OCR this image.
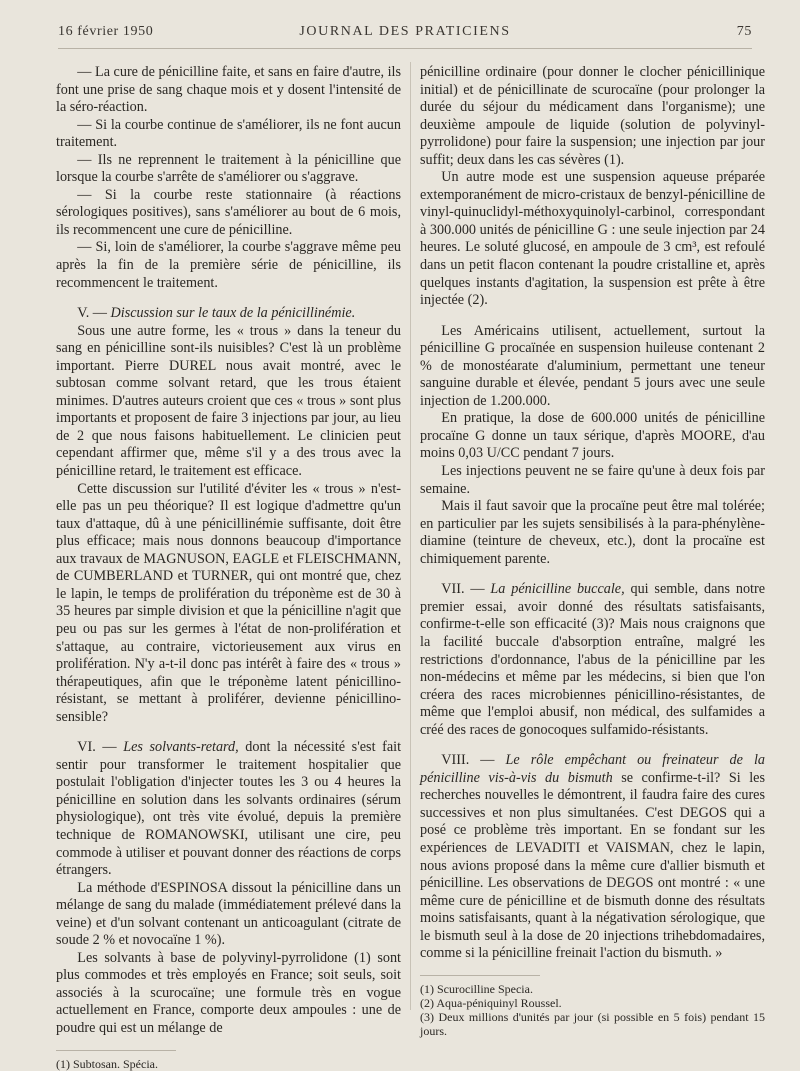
16 février 1950	JOURNAL DES PRATICIENS	75

— La cure de pénicilline faite, et sans en faire d'autre, ils font une prise de sang chaque mois et y dosent l'intensité de la séro-réaction.

— Si la courbe continue de s'améliorer, ils ne font aucun traitement.

— Ils ne reprennent le traitement à la pénicilline que lorsque la courbe s'arrête de s'améliorer ou s'aggrave.

— Si la courbe reste stationnaire (à réactions sérologiques positives), sans s'améliorer au bout de 6 mois, ils recommencent une cure de pénicilline.

— Si, loin de s'améliorer, la courbe s'aggrave même peu après la fin de la première série de pénicilline, ils recommencent le traitement.

V. — Discussion sur le taux de la pénicillinémie.

Sous une autre forme, les « trous » dans la teneur du sang en pénicilline sont-ils nuisibles? C'est là un problème important. Pierre DUREL nous avait montré, avec le subtosan comme solvant retard, que les trous étaient minimes. D'autres auteurs croient que ces « trous » sont plus importants et proposent de faire 3 injections par jour, au lieu de 2 que nous faisons habituellement. Le clinicien peut cependant affirmer que, même s'il y a des trous avec la pénicilline retard, le traitement est efficace.

Cette discussion sur l'utilité d'éviter les « trous » n'est-elle pas un peu théorique? Il est logique d'admettre qu'un taux d'attaque, dû à une pénicillinémie suffisante, doit être plus efficace; mais nous donnons beaucoup d'importance aux travaux de MAGNUSON, EAGLE et FLEISCHMANN, de CUMBERLAND et TURNER, qui ont montré que, chez le lapin, le temps de prolifération du tréponème est de 30 à 35 heures par simple division et que la pénicilline n'agit que peu ou pas sur les germes à l'état de non-prolifération et s'attaque, au contraire, victorieusement aux virus en prolifération. N'y a-t-il donc pas intérêt à faire des « trous » thérapeutiques, afin que le tréponème latent pénicillino-résistant, se mettant à proliférer, devienne pénicillino-sensible?

VI. — Les solvants-retard, dont la nécessité s'est fait sentir pour transformer le traitement hospitalier que postulait l'obligation d'injecter toutes les 3 ou 4 heures la pénicilline en solution dans les solvants ordinaires (sérum physiologique), ont très vite évolué, depuis la première technique de ROMANOWSKI, utilisant une cire, peu commode à utiliser et pouvant donner des réactions de corps étrangers.

La méthode d'ESPINOSA dissout la pénicilline dans un mélange de sang du malade (immédiatement prélevé dans la veine) et d'un solvant contenant un anticoagulant (citrate de soude 2 % et novocaïne 1 %).

Les solvants à base de polyvinyl-pyrrolidone (1) sont plus commodes et très employés en France; soit seuls, soit associés à la scurocaïne; une formule très en vogue actuellement en France, comporte deux ampoules : une de poudre qui est un mélange de

(1) Subtosan. Spécia.

pénicilline ordinaire (pour donner le clocher pénicillinique initial) et de pénicillinate de scurocaïne (pour prolonger la durée du séjour du médicament dans l'organisme); une deuxième ampoule de liquide (solution de polyvinyl-pyrrolidone) pour faire la suspension; une injection par jour suffit; deux dans les cas sévères (1).

Un autre mode est une suspension aqueuse préparée extemporanément de micro-cristaux de benzyl-pénicilline de vinyl-quinuclidyl-méthoxyquinolyl-carbinol, correspondant à 300.000 unités de pénicilline G : une seule injection par 24 heures. Le soluté glucosé, en ampoule de 3 cm³, est refoulé dans un petit flacon contenant la poudre cristalline et, après quelques instants d'agitation, la suspension est prête à être injectée (2).

Les Américains utilisent, actuellement, surtout la pénicilline G procaïnée en suspension huileuse contenant 2 % de monostéarate d'aluminium, permettant une teneur sanguine durable et élevée, pendant 5 jours avec une seule injection de 1.200.000.

En pratique, la dose de 600.000 unités de pénicilline procaïne G donne un taux sérique, d'après MOORE, d'au moins 0,03 U/CC pendant 7 jours.

Les injections peuvent ne se faire qu'une à deux fois par semaine.

Mais il faut savoir que la procaïne peut être mal tolérée; en particulier par les sujets sensibilisés à la para-phénylène-diamine (teinture de cheveux, etc.), dont la procaïne est chimiquement parente.

VII. — La pénicilline buccale, qui semble, dans notre premier essai, avoir donné des résultats satisfaisants, confirme-t-elle son efficacité (3)? Mais nous craignons que la facilité buccale d'absorption entraîne, malgré les restrictions d'ordonnance, l'abus de la pénicilline par les non-médecins et même par les médecins, si bien que l'on créera des races microbiennes pénicillino-résistantes, de même que l'emploi abusif, non médical, des sulfamides a créé des races de gonocoques sulfamido-résistants.

VIII. — Le rôle empêchant ou freinateur de la pénicilline vis-à-vis du bismuth se confirme-t-il? Si les recherches nouvelles le démontrent, il faudra faire des cures successives et non plus simultanées. C'est DEGOS qui a posé ce problème très important. En se fondant sur les expériences de LEVADITI et VAISMAN, chez le lapin, nous avions proposé dans la même cure d'allier bismuth et pénicilline. Les observations de DEGOS ont montré : « une même cure de pénicilline et de bismuth donne des résultats moins satisfaisants, quant à la négativation sérologique, que le bismuth seul à la dose de 20 injections trihebdomadaires, comme si la pénicilline freinait l'action du bismuth. »

(1) Scurocilline Specia.

(2) Aqua-péniquinyl Roussel.

(3) Deux millions d'unités par jour (si possible en 5 fois) pendant 15 jours.
